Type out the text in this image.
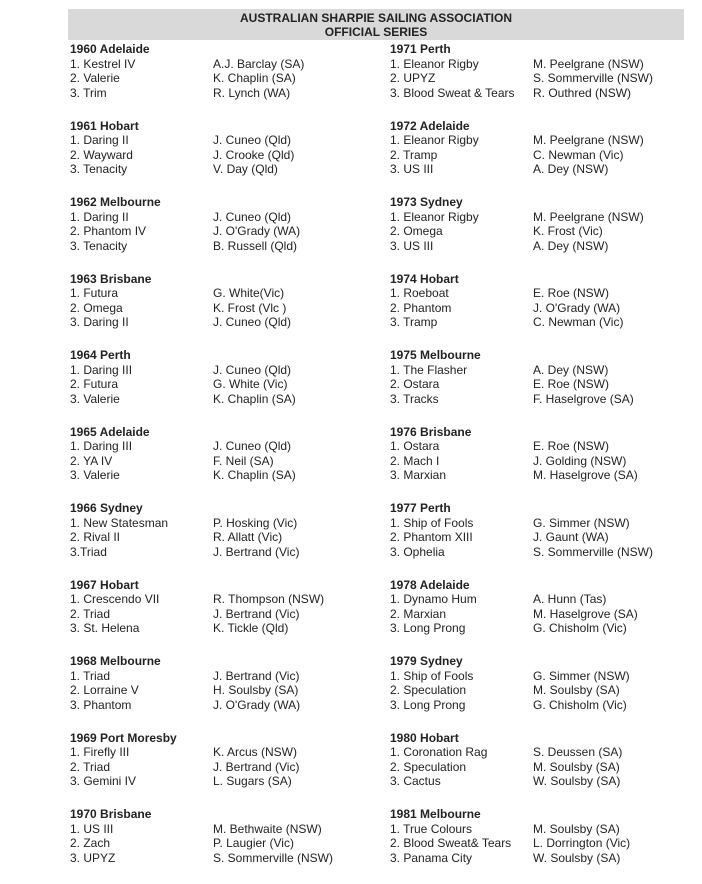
AUSTRALIAN SHARPIE SAILING ASSOCIATION
OFFICIAL SERIES
1960 Adelaide
1. Kestrel IV	A.J. Barclay (SA)
2. Valerie	K. Chaplin (SA)
3. Trim	R. Lynch (WA)
1961 Hobart
1. Daring II	J. Cuneo (Qld)
2. Wayward	J. Crooke (Qld)
3. Tenacity	V. Day (Qld)
1962 Melbourne
1. Daring II	J. Cuneo (Qld)
2. Phantom IV	J. O'Grady (WA)
3. Tenacity	B. Russell (Qld)
1963 Brisbane
1. Futura	G. White(Vic)
2. Omega	K. Frost (Vlc )
3. Daring II	J. Cuneo (Qld)
1964 Perth
1. Daring III	J. Cuneo (Qld)
2. Futura	G. White (Vic)
3. Valerie	K. Chaplin (SA)
1965 Adelaide
1. Daring III	J. Cuneo (Qld)
2. YA IV	F. Neil (SA)
3. Valerie	K. Chaplin (SA)
1966 Sydney
1. New Statesman	P. Hosking (Vic)
2. Rival II	R. Allatt (Vic)
3.Triad	J. Bertrand (Vic)
1967 Hobart
1. Crescendo VII	R. Thompson (NSW)
2. Triad	J. Bertrand (Vic)
3. St. Helena	K. Tickle (Qld)
1968 Melbourne
1. Triad	J. Bertrand (Vic)
2. Lorraine V	H. Soulsby (SA)
3. Phantom	J. O'Grady (WA)
1969 Port Moresby
1. Firefly III	K. Arcus (NSW)
2. Triad	J. Bertrand (Vic)
3. Gemini IV	L. Sugars (SA)
1970 Brisbane
1. US III	M. Bethwaite (NSW)
2. Zach	P. Laugier (Vic)
3. UPYZ	S. Sommerville (NSW)
1971 Perth
1. Eleanor Rigby	M. Peelgrane (NSW)
2. UPYZ	S. Sommerville (NSW)
3. Blood Sweat & Tears	R. Outhred (NSW)
1972 Adelaide
1. Eleanor Rigby	M. Peelgrane (NSW)
2. Tramp	C. Newman (Vic)
3. US III	A. Dey (NSW)
1973 Sydney
1. Eleanor Rigby	M. Peelgrane (NSW)
2. Omega	K. Frost (Vic)
3. US III	A. Dey (NSW)
1974 Hobart
1. Roeboat	E. Roe (NSW)
2. Phantom	J. O'Grady (WA)
3. Tramp	C. Newman (Vic)
1975 Melbourne
1. The Flasher	A. Dey (NSW)
2. Ostara	E. Roe (NSW)
3. Tracks	F. Haselgrove (SA)
1976 Brisbane
1. Ostara	E. Roe (NSW)
2. Mach I	J. Golding (NSW)
3. Marxian	M. Haselgrove (SA)
1977 Perth
1. Ship of Fools	G. Simmer (NSW)
2. Phantom XIII	J. Gaunt (WA)
3. Ophelia	S. Sommerville (NSW)
1978 Adelaide
1. Dynamo Hum	A. Hunn (Tas)
2. Marxian	M. Haselgrove (SA)
3. Long Prong	G. Chisholm (Vic)
1979 Sydney
1. Ship of Fools	G. Simmer (NSW)
2. Speculation	M. Soulsby (SA)
3. Long Prong	G. Chisholm (Vic)
1980 Hobart
1. Coronation Rag	S. Deussen (SA)
2. Speculation	M. Soulsby (SA)
3. Cactus	W. Soulsby (SA)
1981 Melbourne
1. True Colours	M. Soulsby (SA)
2. Blood Sweat& Tears	L. Dorrington (Vic)
3. Panama City	W. Soulsby (SA)
